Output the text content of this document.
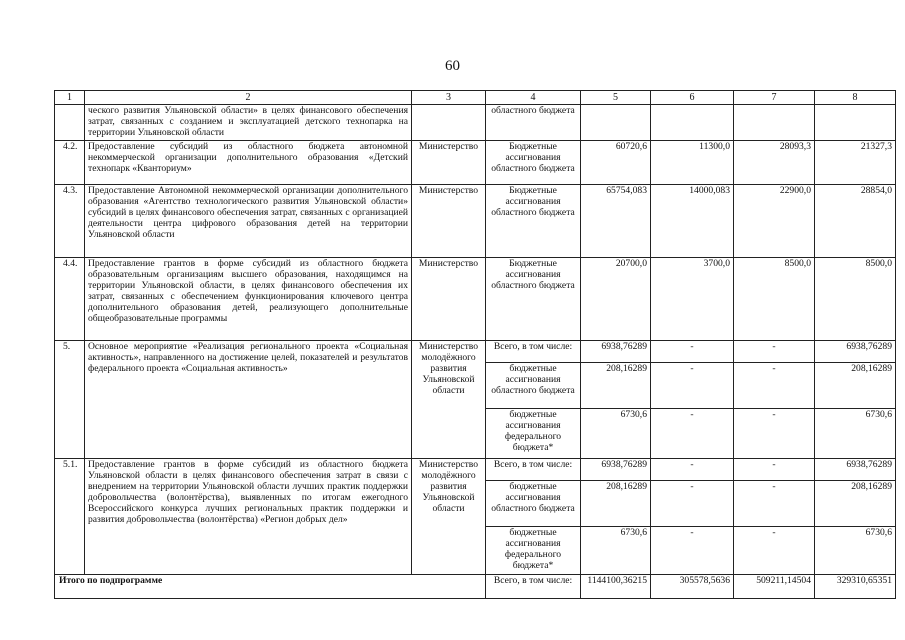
60
1	2	3	4	5	6	7	8
	ческого развития Ульяновской области» в целях финансового обеспечения затрат, связанных с созданием и эксплуатацией детского технопарка на территории Ульяновской области		областного бюджета				
4.2.	Предоставление субсидий из областного бюджета автономной некоммерческой организации дополнительного образования «Детский технопарк «Кванториум»	Министерство	Бюджетные ассигнования областного бюджета	60720,6	11300,0	28093,3	21327,3
4.3.	Предоставление Автономной некоммерческой организации дополнительного образования «Агентство технологического развития Ульяновской области» субсидий в целях финансового обеспечения затрат, связанных с организацией деятельности центра цифрового образования детей на территории Ульяновской области	Министерство	Бюджетные ассигнования областного бюджета	65754,083	14000,083	22900,0	28854,0
4.4.	Предоставление грантов в форме субсидий из областного бюджета образовательным организациям высшего образования, находящимся на территории Ульяновской области, в целях финансового обеспечения их затрат, связанных с обеспечением функционирования ключевого центра дополнительного образования детей, реализующего дополнительные общеобразовательные программы	Министерство	Бюджетные ассигнования областного бюджета	20700,0	3700,0	8500,0	8500,0
5.	Основное мероприятие «Реализация регионального проекта «Социальная активность», направленного на достижение целей, показателей и результатов федерального проекта «Социальная активность»	Министерство молодёжного развития Ульяновской области	Всего, в том числе:	6938,76289	-	-	6938,76289
			бюджетные ассигнования областного бюджета	208,16289	-	-	208,16289
			бюджетные ассигнования федерального бюджета*	6730,6	-	-	6730,6
5.1.	Предоставление грантов в форме субсидий из областного бюджета Ульяновской области в целях финансового обеспечения затрат в связи с внедрением на территории Ульяновской области лучших практик поддержки добровольчества (волонтёрства), выявленных по итогам ежегодного Всероссийского конкурса лучших региональных практик поддержки и развития добровольчества (волонтёрства) «Регион добрых дел»	Министерство молодёжного развития Ульяновской области	Всего, в том числе:	6938,76289	-	-	6938,76289
			бюджетные ассигнования областного бюджета	208,16289	-	-	208,16289
			бюджетные ассигнования федерального бюджета*	6730,6	-	-	6730,6
Итого по подпрограмме			Всего, в том числе:	1144100,36215	305578,5636	509211,14504	329310,65351
